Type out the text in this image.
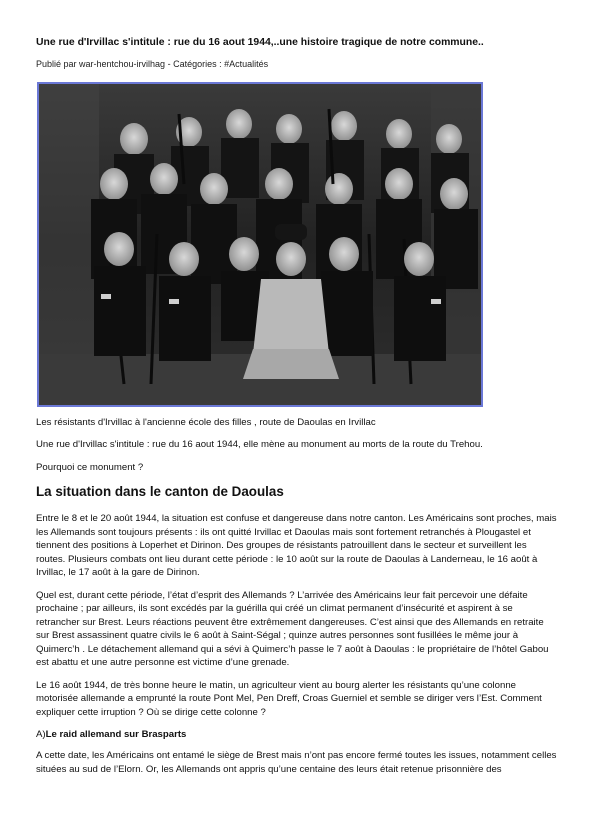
Une rue d'Irvillac s'intitule : rue du 16 aout 1944,..une histoire tragique de notre commune..
Publié par war-hentchou-irvilhag - Catégories : #Actualités
Les résistants d'Irvillac à l'ancienne école des filles , route de Daoulas en Irvillac
Une rue d'Irvillac s'intitule : rue du 16 aout 1944, elle mène au monument au morts de la route du Trehou.
Pourquoi ce monument ?
La situation dans le canton de Daoulas
Entre le 8 et le 20 août 1944, la situation est confuse et dangereuse dans notre canton. Les Américains sont proches, mais les Allemands sont toujours présents : ils ont quitté Irvillac et Daoulas mais sont fortement retranchés à Plougastel et tiennent des positions à Loperhet et Dirinon. Des groupes de résistants patrouillent dans le secteur et surveillent les routes. Plusieurs combats ont lieu durant cette période : le 10 août sur la route de Daoulas à Landerneau, le 16 août à Irvillac, le 17 août à la gare de Dirinon.
Quel est, durant cette période, l’état d’esprit des Allemands ? L’arrivée des Américains leur fait percevoir une défaite prochaine ; par ailleurs, ils sont excédés par la guérilla qui créé un climat permanent d’insécurité et aspirent à se retrancher sur Brest. Leurs réactions peuvent être extrêmement dangereuses. C’est ainsi que des Allemands en retraite sur Brest assassinent quatre civils le 6 août à Saint-Ségal ; quinze autres personnes sont fusillées le même jour à Quimerc’h . Le détachement allemand qui a sévi à Quimerc’h passe le 7 août à Daoulas : le propriétaire de l’hôtel Gabou est abattu et une autre personne est victime d’une grenade.
Le 16 août 1944, de très bonne heure le matin, un agriculteur vient au bourg alerter les résistants qu’une colonne motorisée allemande a emprunté la route Pont Mel, Pen Dreff, Croas Guerniel et semble se diriger vers l’Est. Comment expliquer cette irruption ? Où se dirige cette colonne ?
A)Le raid allemand sur Brasparts
A cette date, les Américains ont entamé le siège de Brest mais n’ont pas encore fermé toutes les issues, notamment celles situées au sud de l’Elorn. Or, les Allemands ont appris qu’une centaine des leurs était retenue prisonnière des
